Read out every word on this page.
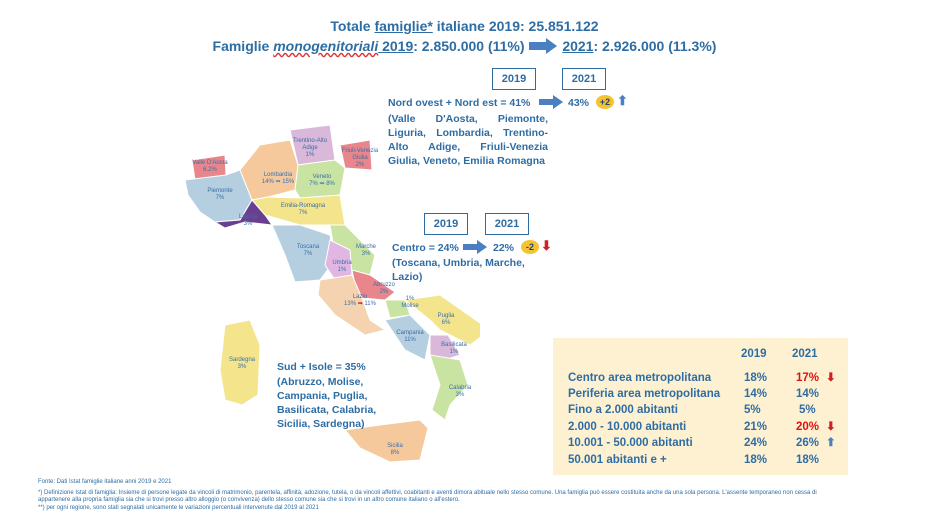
Totale famiglie* italiane 2019: 25.851.122
Famiglie monogenitoriali 2019: 2.850.000 (11%)	2021: 2.926.000 (11.3%)
Valle D'Aosta
6.2%
Piemonte
7%
Liguria
3%
Lombardia
14% ➡ 15%
Trentino-Alto Adige
1%
Friuli-Venezia Giulia
2%
Veneto
7% ➡ 8%
Emilia-Romagna
7%
Toscana
7%
Umbria
1%
Marche
3%
Abruzzo
2%
1%
Molise
Lazio
13% ➡ 11%
Campania
11%
Puglia
6%
Basilicata
1%
Calabria
3%
Sardegna
3%
Sicilia
8%
2019	2021
Nord ovest + Nord est = 41%	43%	+2 ⬆
(Valle D'Aosta, Piemonte, Liguria, Lombardia, Trentino-Alto Adige, Friuli-Venezia Giulia, Veneto, Emilia Romagna
2019	2021
Centro = 24%	22%	-2 ⬇
(Toscana, Umbria, Marche, Lazio)
Sud + Isole = 35%
(Abruzzo, Molise, Campania, Puglia, Basilicata, Calabria, Sicilia, Sardegna)
2019 2021
Centro area metropolitana	18%	17% ⬇
Periferia area metropolitana 14%	14%
Fino a 2.000 abitanti	5%	5%
2.000 - 10.000 abitanti	21%	20% ⬇
10.001 - 50.000 abitanti	24%	26% ⬆
50.001 abitanti e +	18%	18%
Fonte: Dati Istat famiglie italiane anni 2019 e 2021
*) Definizione Istat di famiglia: Insieme di persone legate da vincoli di matrimonio, parentela, affinità, adozione, tutela, o da vincoli affettivi, coabitanti e aventi dimora abituale nello stesso comune. Una famiglia può essere costituita anche da una sola persona. L'assente temporaneo non cessa di
appartenere alla propria famiglia sia che si trovi presso altro alloggio (o convivenza) dello stesso comune sia che si trovi in un altro comune italiano o all'estero.
**) per ogni regione, sono stati segnalati unicamente le variazioni percentuali intervenute dal 2019 al 2021
